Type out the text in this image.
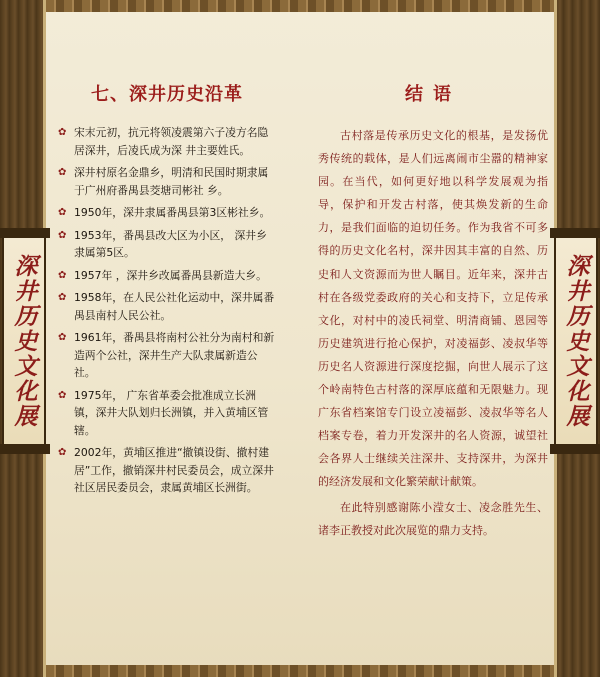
深井历史文化展	深井历史文化展
七、深井历史沿革
✿ 宋末元初，抗元将领凌震第六子凌方名隐居深井，后凌氏成为深 井主要姓氏。
✿ 深井村原名金鼎乡，明清和民国时期隶属于广州府番禺县茭塘司彬社 乡。
✿ 1950年，深井隶属番禺县第3区彬社乡。
✿ 1953年，番禺县改大区为小区， 深井乡隶属第5区。
✿ 1957年 ，深井乡改属番禺县新造大乡。
✿ 1958年，在人民公社化运动中，深井属番禺县南村人民公社。
✿ 1961年，番禺县将南村公社分为南村和新造两个公社，深井生产大队隶属新造公社。
✿ 1975年， 广东省革委会批准成立长洲镇，深井大队划归长洲镇，并入黄埔区管辖。
✿ 2002年，黄埔区推进“撤镇设街、撤村建居”工作，撤销深井村民委员会，成立深井社区居民委员会，隶属黄埔区长洲街。
结语

古村落是传承历史文化的根基，是发扬优秀传统的载体，是人们远离闹市尘嚣的精神家园。在当代，如何更好地以科学发展观为指导，保护和开发古村落，使其焕发新的生命力，是我们面临的迫切任务。作为我省不可多得的历史文化名村，深井因其丰富的自然、历史和人文资源而为世人瞩目。近年来，深井古村在各级党委政府的关心和支持下，立足传承文化，对村中的凌氏祠堂、明清商铺、恩园等历史建筑进行抢心保护，对凌福彭、凌叔华等历史名人资源进行深度挖掘，向世人展示了这个岭南特色古村落的深厚底蕴和无限魅力。现广东省档案馆专门设立凌福彭、凌叔华等名人档案专卷，着力开发深井的名人资源，诚望社会各界人士继续关注深井、支持深井，为深井的经济发展和文化繁荣献计献策。

在此特别感谢陈小滢女士、凌念胜先生、诸李正教授对此次展览的鼎力支持。
